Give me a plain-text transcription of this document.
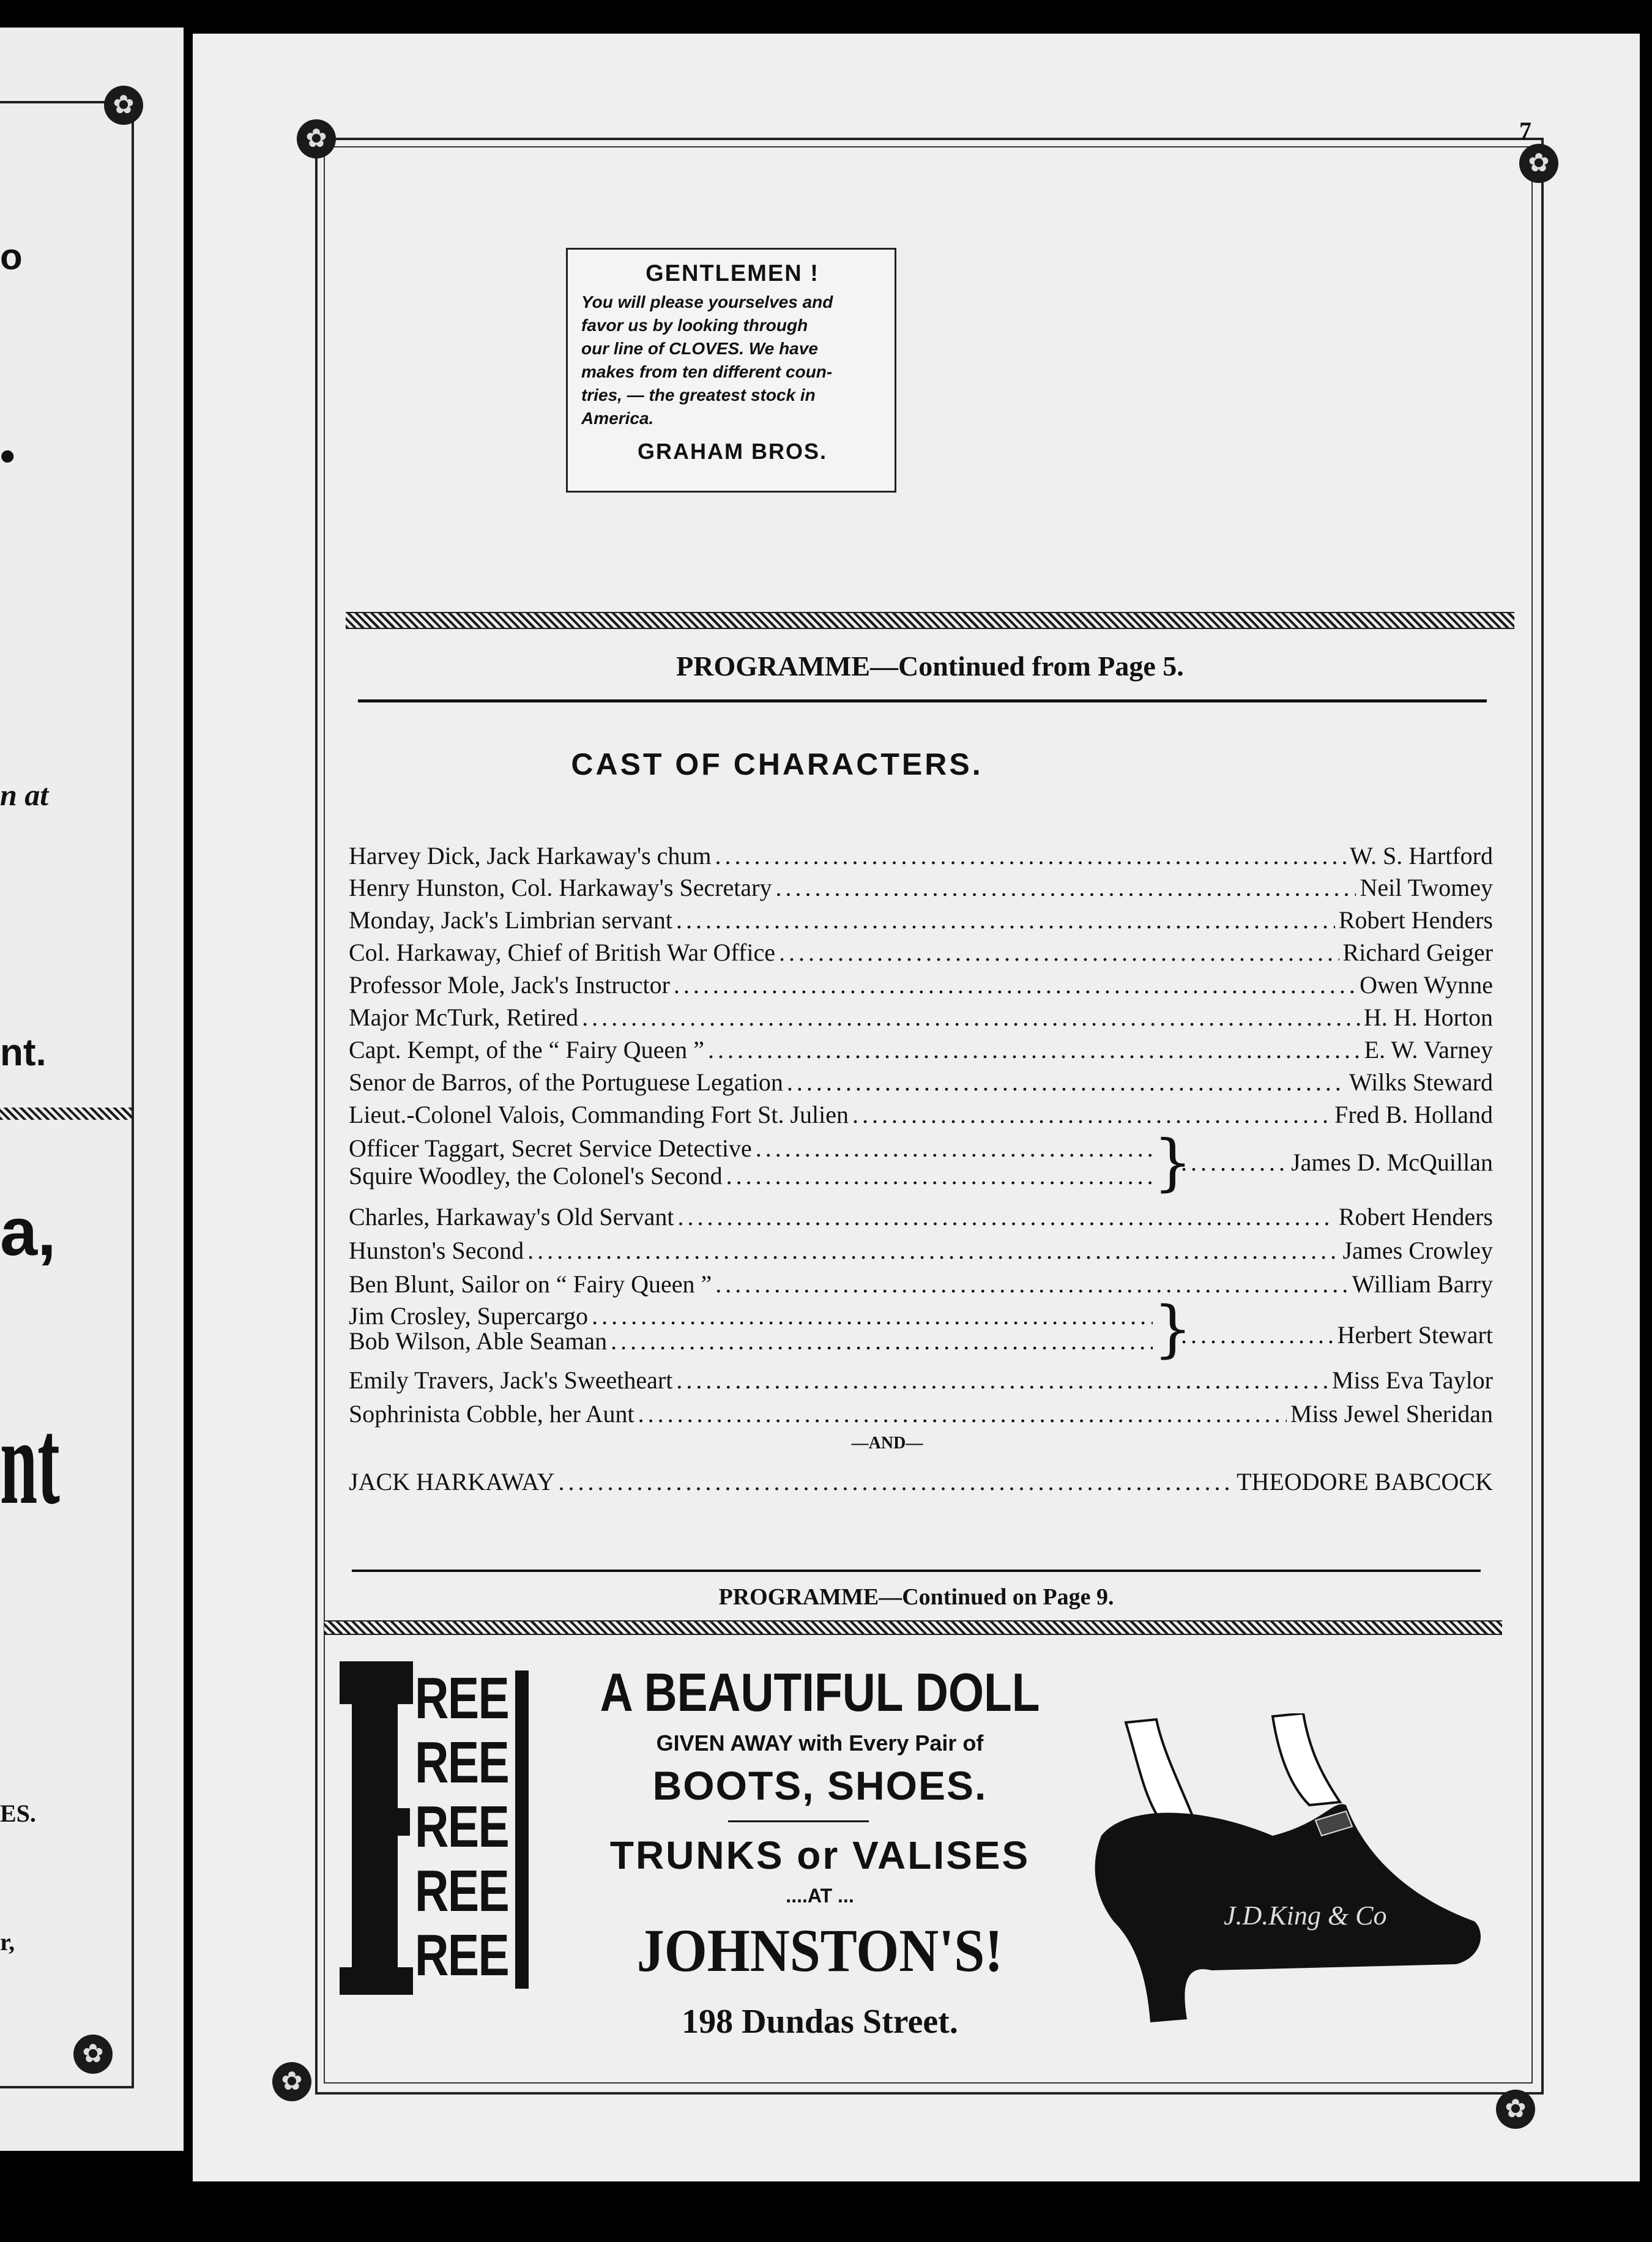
✿
✿
o
•
n at
nt.
a,
nt
ES.
r,
✿
✿
✿
✿
7
GENTLEMEN !
You will please yourselves and
favor us by looking through
our line of CLOVES. We have
makes from ten different coun-
tries, — the greatest stock in
America.
GRAHAM BROS.
PROGRAMME—Continued from Page 5.
CAST OF CHARACTERS.
Harvey Dick, Jack Harkaway's chum .....	W. S. Hartford
Henry Hunston, Col. Harkaway's Secretary .....	Neil Twomey
Monday, Jack's Limbrian servant .....	Robert Henders
Col. Harkaway, Chief of British War Office .....	Richard Geiger
Professor Mole, Jack's Instructor .....	Owen Wynne
Major McTurk, Retired .....	H. H. Horton
Capt. Kempt, of the “ Fairy Queen ” .....	E. W. Varney
Senor de Barros, of the Portuguese Legation .....	Wilks Steward
Lieut.-Colonel Valois, Commanding Fort St. Julien .....	Fred B. Holland
Officer Taggart, Secret Service Detective
.....
Squire Woodley, the Colonel's Second .....	} .....	James D. McQuillan
Charles, Harkaway's Old Servant .....	Robert Henders
Hunston's Second .....	James Crowley
Ben Blunt, Sailor on “ Fairy Queen ” .....	William Barry
Jim Crosley, Supercargo
.....
Bob Wilson, Able Seaman .....	} .....	Herbert Stewart
Emily Travers, Jack's Sweetheart .....	Miss Eva Taylor
Sophrinista Cobble, her Aunt .....	Miss Jewel Sheridan
—AND—
JACK HARKAWAY .....	THEODORE BABCOCK
PROGRAMME—Continued on Page 9.
REE
REE
REE
REE
REE
A BEAUTIFUL DOLL
GIVEN AWAY with Every Pair of
BOOTS, SHOES.
TRUNKS or VALISES
....AT ...
JOHNSTON'S!
198 Dundas Street.
J.D.King & Co
